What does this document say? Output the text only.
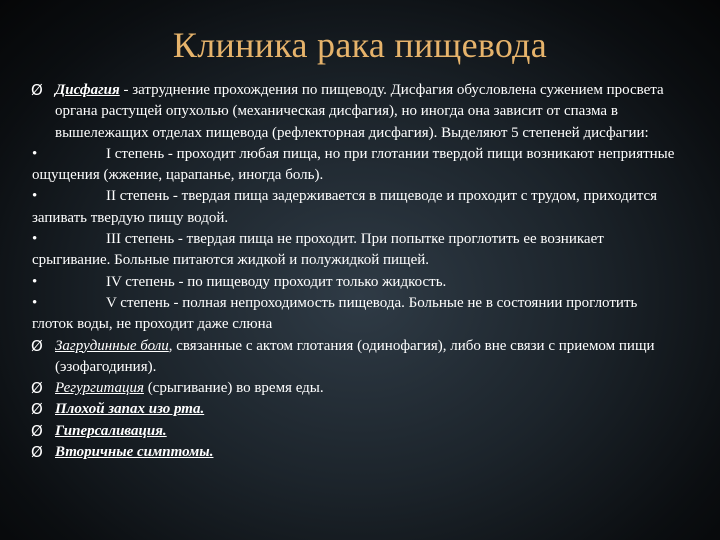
Клиника рака пищевода
Ø Дисфагия - затруднение прохождения по пищеводу. Дисфагия обусловлена сужением просвета органа растущей опухолью (механическая дисфагия), но иногда она зависит от спазма в вышележащих отделах пищевода (рефлекторная дисфагия). Выделяют 5 степеней дисфагии:
•	I степень - проходит любая пища, но при глотании твердой пищи возникают неприятные ощущения (жжение, царапанье, иногда боль).
•	II степень - твердая пища задерживается в пищеводе и проходит с трудом, приходится запивать твердую пищу водой.
•	III степень - твердая пища не проходит. При попытке проглотить ее возникает срыгивание. Больные питаются жидкой и полужидкой пищей.
•	IV степень - по пищеводу проходит только жидкость.
•	V степень - полная непроходимость пищевода. Больные не в состоянии проглотить глоток воды, не проходит даже слюна
Ø Загрудинные боли, связанные с актом глотания (одинофагия), либо вне связи с приемом пищи (эзофагодиния).
Ø Регургитация (срыгивание) во время еды.
Ø Плохой запах изо рта.
Ø Гиперсаливация.
Ø Вторичные симптомы.
